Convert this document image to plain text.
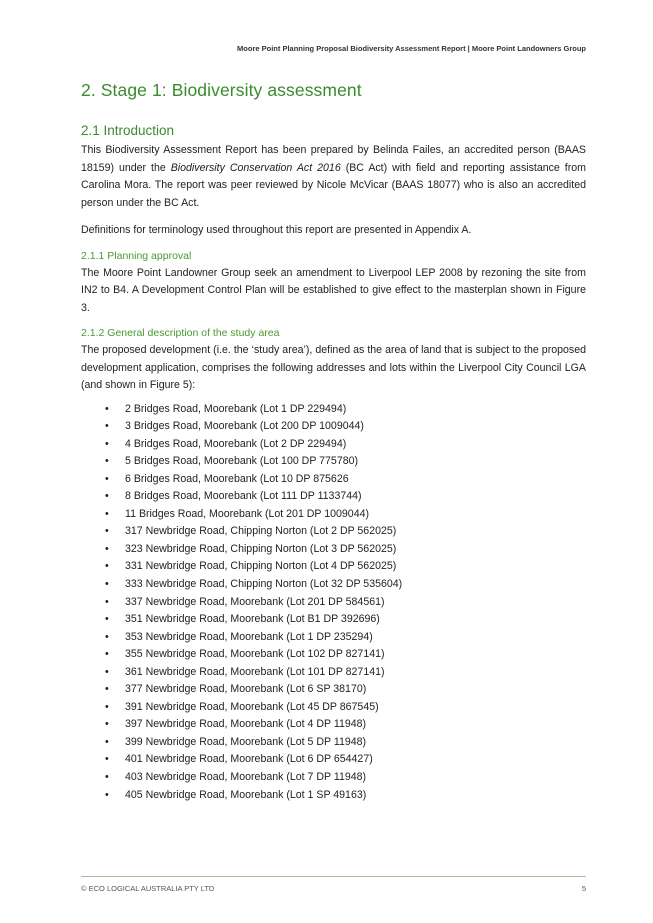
Moore Point Planning Proposal Biodiversity Assessment Report | Moore Point Landowners Group
2. Stage 1: Biodiversity assessment
2.1 Introduction

This Biodiversity Assessment Report has been prepared by Belinda Failes, an accredited person (BAAS 18159) under the Biodiversity Conservation Act 2016 (BC Act) with field and reporting assistance from Carolina Mora. The report was peer reviewed by Nicole McVicar (BAAS 18077) who is also an accredited person under the BC Act.

Definitions for terminology used throughout this report are presented in Appendix A.

2.1.1 Planning approval

The Moore Point Landowner Group seek an amendment to Liverpool LEP 2008 by rezoning the site from IN2 to B4. A Development Control Plan will be established to give effect to the masterplan shown in Figure 3.

2.1.2 General description of the study area

The proposed development (i.e. the ‘study area’), defined as the area of land that is subject to the proposed development application, comprises the following addresses and lots within the Liverpool City Council LGA (and shown in Figure 5):

• 2 Bridges Road, Moorebank (Lot 1 DP 229494)
• 3 Bridges Road, Moorebank (Lot 200 DP 1009044)
• 4 Bridges Road, Moorebank (Lot 2 DP 229494)
• 5 Bridges Road, Moorebank (Lot 100 DP 775780)
• 6 Bridges Road, Moorebank (Lot 10 DP 875626
• 8 Bridges Road, Moorebank (Lot 111 DP 1133744)
• 11 Bridges Road, Moorebank (Lot 201 DP 1009044)
• 317 Newbridge Road, Chipping Norton (Lot 2 DP 562025)
• 323 Newbridge Road, Chipping Norton (Lot 3 DP 562025)
• 331 Newbridge Road, Chipping Norton (Lot 4 DP 562025)
• 333 Newbridge Road, Chipping Norton (Lot 32 DP 535604)
• 337 Newbridge Road, Moorebank (Lot 201 DP 584561)
• 351 Newbridge Road, Moorebank (Lot B1 DP 392696)
• 353 Newbridge Road, Moorebank (Lot 1 DP 235294)
• 355 Newbridge Road, Moorebank (Lot 102 DP 827141)
• 361 Newbridge Road, Moorebank (Lot 101 DP 827141)
• 377 Newbridge Road, Moorebank (Lot 6 SP 38170)
• 391 Newbridge Road, Moorebank (Lot 45 DP 867545)
• 397 Newbridge Road, Moorebank (Lot 4 DP 11948)
• 399 Newbridge Road, Moorebank (Lot 5 DP 11948)
• 401 Newbridge Road, Moorebank (Lot 6 DP 654427)
• 403 Newbridge Road, Moorebank (Lot 7 DP 11948)
• 405 Newbridge Road, Moorebank (Lot 1 SP 49163)
© ECO LOGICAL AUSTRALIA PTY LTD	5
